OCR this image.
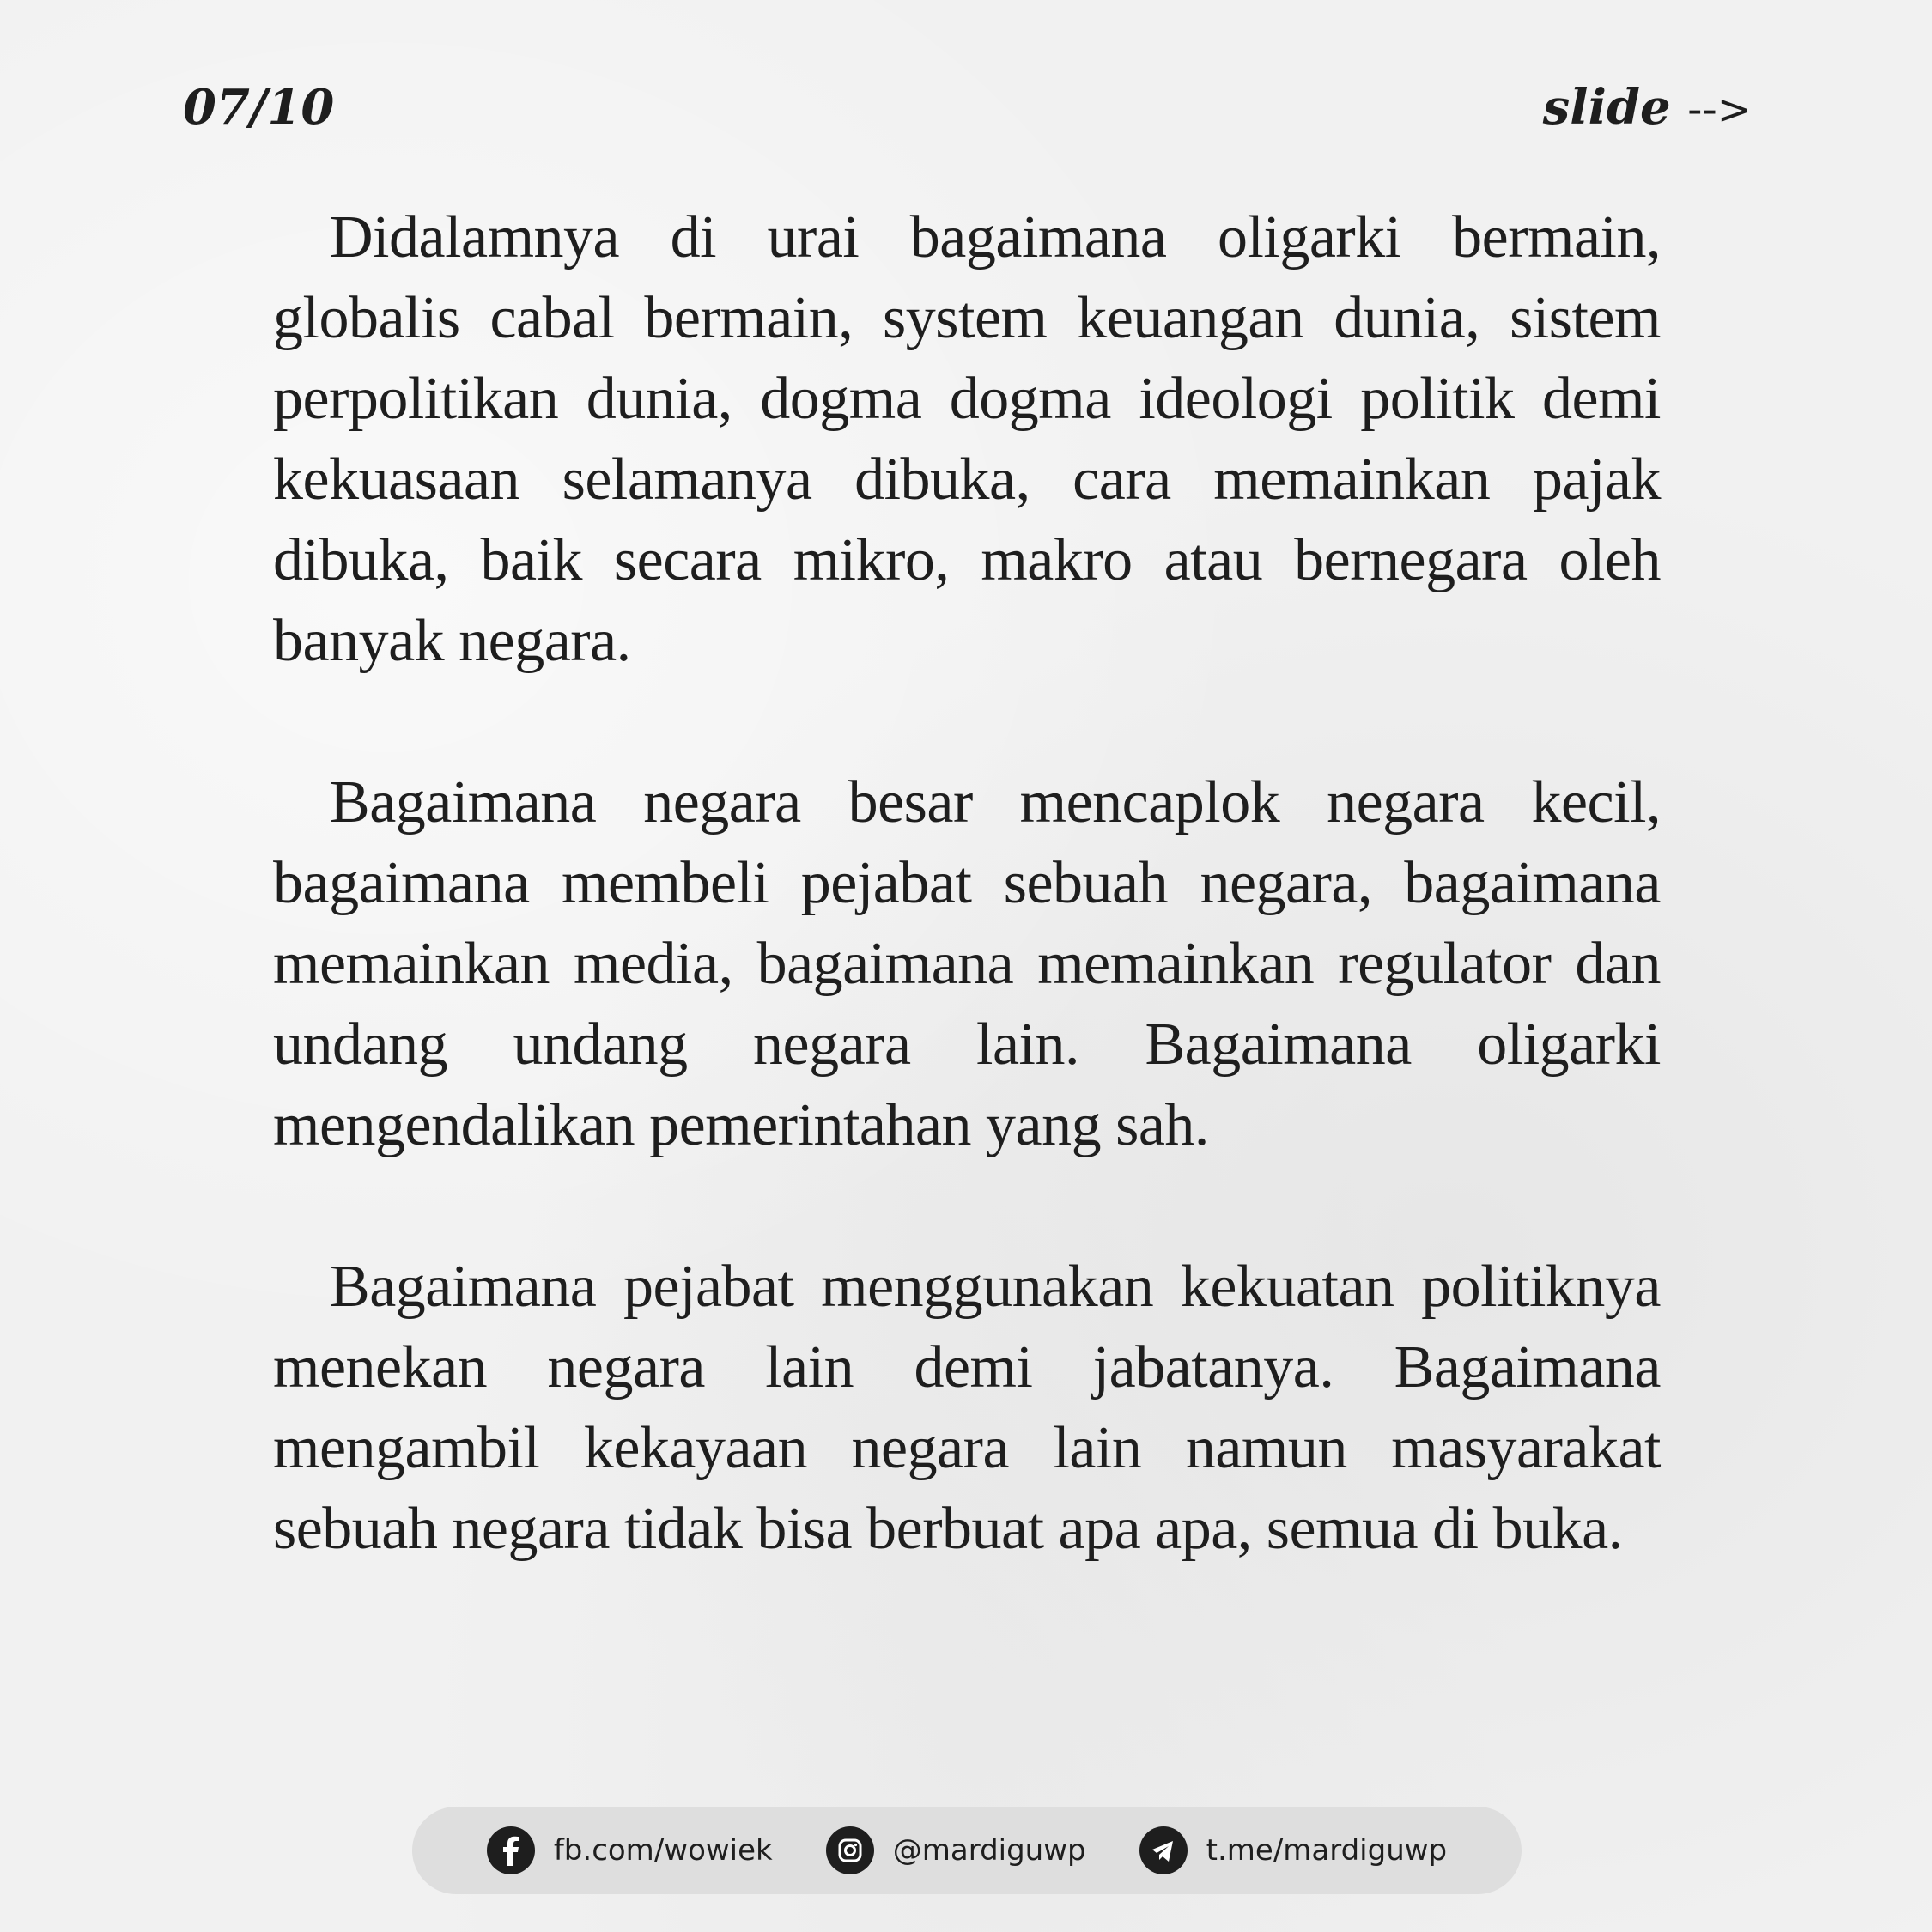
07/10	slide -->

Didalamnya di urai bagaimana oligarki bermain, globalis cabal bermain, system keuangan dunia, sistem perpolitikan dunia, dogma dogma ideologi politik demi kekuasaan selamanya dibuka, cara memainkan pajak dibuka, baik secara mikro, makro atau bernegara oleh banyak negara.

Bagaimana negara besar mencaplok negara kecil, bagaimana membeli pejabat sebuah negara, bagaimana memainkan media, bagaimana memainkan regulator dan undang undang negara lain. Bagaimana oligarki mengendalikan pemerintahan yang sah.

Bagaimana pejabat menggunakan kekuatan politiknya menekan negara lain demi jabatanya. Bagaimana mengambil kekayaan negara lain namun masyarakat sebuah negara tidak bisa berbuat apa apa, semua di buka.

fb.com/wowiek	@mardiguwp	t.me/mardiguwp
